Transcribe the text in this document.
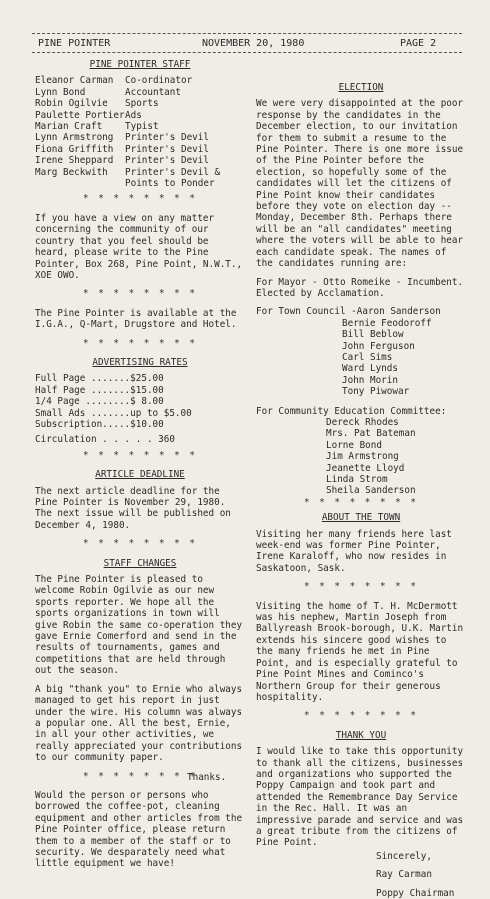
PINE POINTER	NOVEMBER 20, 1980	PAGE 2
PINE POINTER STAFF
Eleanor Carman	Co-ordinator
Lynn Bond	Accountant
Robin Ogilvie	Sports
Paulette Portier Ads
Marian Craft	Typist
Lynn Armstrong	Printer's Devil
Fiona Griffith	Printer's Devil
Irene Sheppard	Printer's Devil
Marg Beckwith	Printer's Devil & Points to Ponder
* * * * * * * *

If you have a view on any matter concerning the community of our country that you feel should be heard, please write to the Pine Pointer, Box 268, Pine Point, N.W.T., XOE OWO.

* * * * * * * *

The Pine Pointer is available at the I.G.A., Q-Mart, Drugstore and Hotel.

* * * * * * * *
ADVERTISING RATES
Full Page .......$25.00
Half Page .......$15.00
1/4 Page ........$ 8.00
Small Ads .......up to $5.00
Subscription.....$10.00
Circulation . . . . . 360
* * * * * * * *
ARTICLE DEADLINE

The next article deadline for the Pine Pointer is November 29, 1980. The next issue will be published on December 4, 1980.

* * * * * * * *
STAFF CHANGES

The Pine Pointer is pleased to welcome Robin Ogilvie as our new sports reporter. We hope all the sports organizations in town will give Robin the same co-operation they gave Ernie Comerford and send in the results of tournaments, games and competitions that are held through out the season.

A big "thank you" to Ernie who always managed to get his report in just under the wire. His column was always a popular one. All the best, Ernie, in all your other activities, we really appreciated your contributions to our community paper.

* * * * * * * *

Would the person or persons who borrowed the coffee-pot, cleaning equipment and other articles from the Pine Pointer office, please return them to a member of the staff or to security. We desparately need what little equipment we have!

Thanks.
ELECTION

We were very disappointed at the poor response by the candidates in the December election, to our invitation for them to submit a resume to the Pine Pointer. There is one more issue of the Pine Pointer before the election, so hopefully some of the candidates will let the citizens of Pine Point know their candidates before they vote on election day -- Monday, December 8th. Perhaps there will be an "all candidates" meeting where the voters will be able to hear each candidate speak. The names of the candidates running are:

For Mayor - Otto Romeike - Incumbent. Elected by Acclamation.

For Town Council -Aaron Sanderson
Bernie Feodoroff
Bill Beblow
John Ferguson
Carl Sims
Ward Lynds
John Morin
Tony Piwowar
For Community Education Committee:
Dereck Rhodes
Mrs. Pat Bateman
Lorne Bond
Jim Armstrong
Jeanette Lloyd
Linda Strom
Sheila Sanderson
* * * * * * * *
ABOUT THE TOWN

Visiting her many friends here last week-end was former Pine Pointer, Irene Karaloff, who now resides in Saskatoon, Sask.

* * * * * * * *

Visiting the home of T. H. McDermott was his nephew, Martin Joseph from Ballyreash Brook-borough, U.K. Martin extends his sincere good wishes to the many friends he met in Pine Point, and is especially grateful to Pine Point Mines and Cominco's Northern Group for their generous hospitality.

* * * * * * * *
THANK YOU

I would like to take this opportunity to thank all the citizens, businesses and organizations who supported the Poppy Campaign and took part and attended the Remembrance Day Service in the Rec. Hall. It was an impressive parade and service and was a great tribute from the citizens of Pine Point.

Sincerely,
Ray Carman
Poppy Chairman
